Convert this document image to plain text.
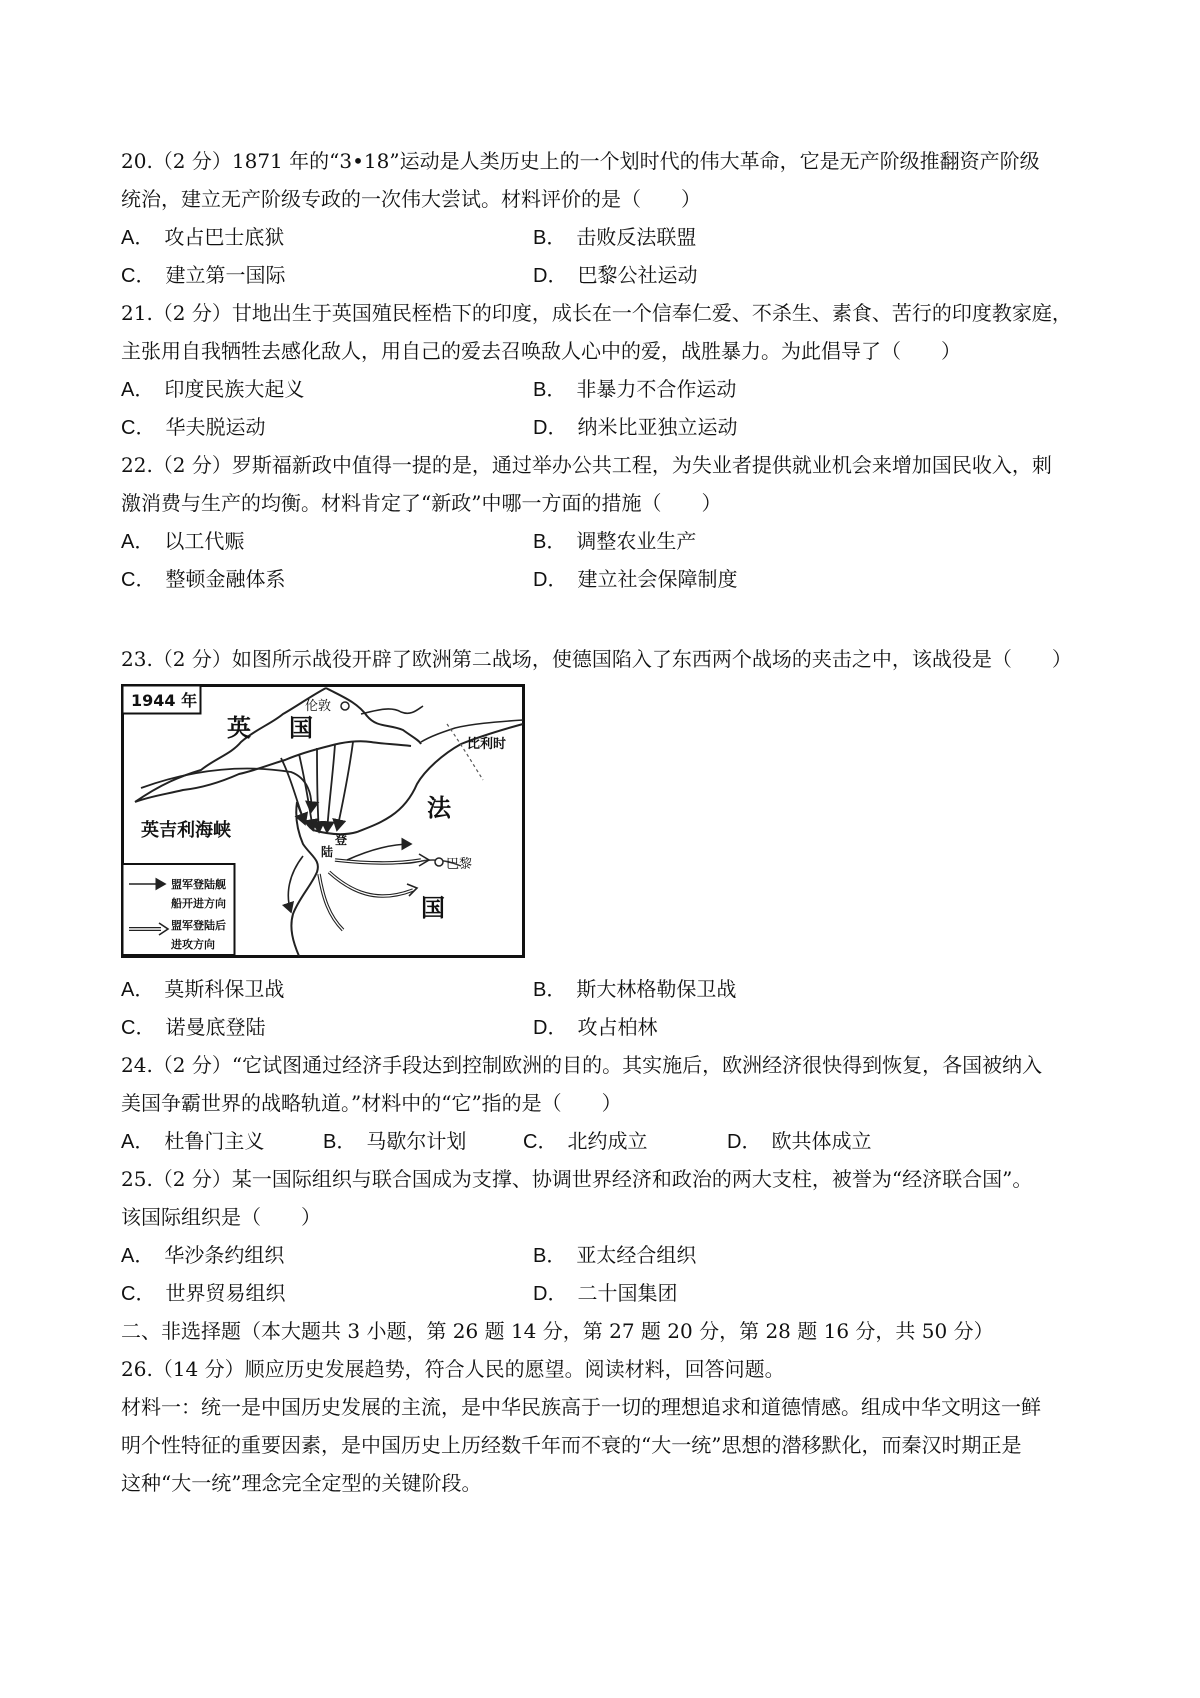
20.（2 分）1871 年的“3•18”运动是人类历史上的一个划时代的伟大革命，它是无产阶级推翻资产阶级
统治，建立无产阶级专政的一次伟大尝试。材料评价的是（　　）
A． 攻占巴士底狱	B． 击败反法联盟
C． 建立第一国际	D． 巴黎公社运动
21.（2 分）甘地出生于英国殖民桎梏下的印度，成长在一个信奉仁爱、不杀生、素食、苦行的印度教家庭，
主张用自我牺牲去感化敌人，用自己的爱去召唤敌人心中的爱，战胜暴力。为此倡导了（　　）
A． 印度民族大起义	B． 非暴力不合作运动
C． 华夫脱运动	D． 纳米比亚独立运动
22.（2 分）罗斯福新政中值得一提的是，通过举办公共工程，为失业者提供就业机会来增加国民收入，刺
激消费与生产的均衡。材料肯定了“新政”中哪一方面的措施（　　）
A． 以工代赈	B． 调整农业生产
C． 整顿金融体系	D． 建立社会保障制度
23.（2 分）如图所示战役开辟了欧洲第二战场，使德国陷入了东西两个战场的夹击之中，该战役是（　　）
1944 年
英 国
伦敦
比利时
英吉利海峡
法
国
巴黎
登
陆
盟军登陆舰
船开进方向
盟军登陆后
进攻方向
A． 莫斯科保卫战	B． 斯大林格勒保卫战
C． 诺曼底登陆	D． 攻占柏林
24.（2 分）“它试图通过经济手段达到控制欧洲的目的。其实施后，欧洲经济很快得到恢复，各国被纳入
美国争霸世界的战略轨道。”材料中的“它”指的是（　　）
A． 杜鲁门主义	B． 马歇尔计划	C． 北约成立	D． 欧共体成立
25.（2 分）某一国际组织与联合国成为支撑、协调世界经济和政治的两大支柱，被誉为“经济联合国”。
该国际组织是（　　）
A． 华沙条约组织	B． 亚太经合组织
C． 世界贸易组织	D． 二十国集团
二、非选择题（本大题共 3 小题，第 26 题 14 分，第 27 题 20 分，第 28 题 16 分，共 50 分）
26.（14 分）顺应历史发展趋势，符合人民的愿望。阅读材料，回答问题。
材料一：统一是中国历史发展的主流，是中华民族高于一切的理想追求和道德情感。组成中华文明这一鲜
明个性特征的重要因素，是中国历史上历经数千年而不衰的“大一统”思想的潜移默化，而秦汉时期正是
这种“大一统”理念完全定型的关键阶段。
